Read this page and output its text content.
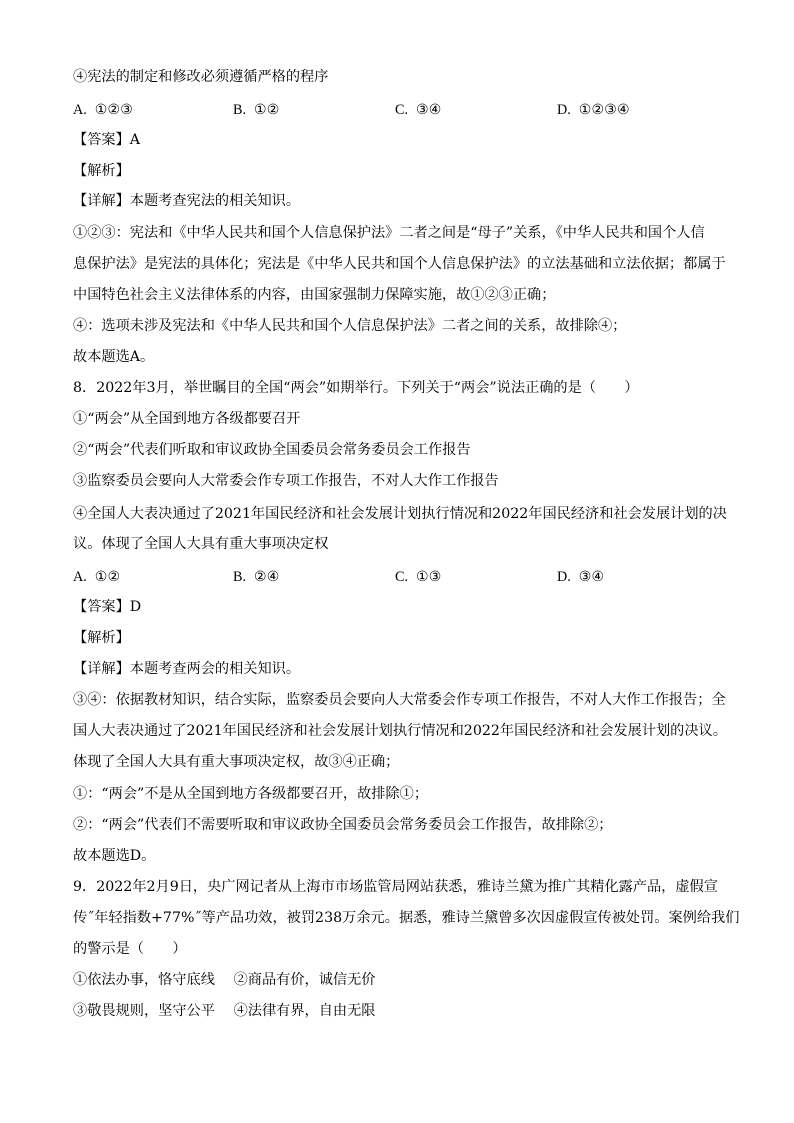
④宪法的制定和修改必须遵循严格的程序
A. ①②③	B. ①②	C. ③④	D. ①②③④
【答案】A
【解析】
【详解】本题考查宪法的相关知识。
①②③：宪法和《中华人民共和国个人信息保护法》二者之间是“母子”关系，《中华人民共和国个人信
息保护法》是宪法的具体化；宪法是《中华人民共和国个人信息保护法》的立法基础和立法依据；都属于
中国特色社会主义法律体系的内容，由国家强制力保障实施，故①②③正确；
④：选项未涉及宪法和《中华人民共和国个人信息保护法》二者之间的关系，故排除④；
故本题选A。
8．2022年3月，举世瞩目的全国“两会”如期举行。下列关于“两会”说法正确的是（　　）
①“两会”从全国到地方各级都要召开
②“两会”代表们听取和审议政协全国委员会常务委员会工作报告
③监察委员会要向人大常委会作专项工作报告，不对人大作工作报告
④全国人大表决通过了2021年国民经济和社会发展计划执行情况和2022年国民经济和社会发展计划的决
议。体现了全国人大具有重大事项决定权
A. ①②	B. ②④	C. ①③	D. ③④
【答案】D
【解析】
【详解】本题考查两会的相关知识。
③④：依据教材知识，结合实际，监察委员会要向人大常委会作专项工作报告，不对人大作工作报告；全
国人大表决通过了2021年国民经济和社会发展计划执行情况和2022年国民经济和社会发展计划的决议。
体现了全国人大具有重大事项决定权，故③④正确；
①：“两会”不是从全国到地方各级都要召开，故排除①；
②：“两会”代表们不需要听取和审议政协全国委员会常务委员会工作报告，故排除②；
故本题选D。
9．2022年2月9日，央广网记者从上海市市场监管局网站获悉，雅诗兰黛为推广其精化露产品，虚假宣
传˝年轻指数+77%˝等产品功效，被罚238万余元。据悉，雅诗兰黛曾多次因虚假宣传被处罚。案例给我们
的警示是（　　）
①依法办事，恪守底线　 ②商品有价，诚信无价
③敬畏规则，坚守公平　 ④法律有界，自由无限
